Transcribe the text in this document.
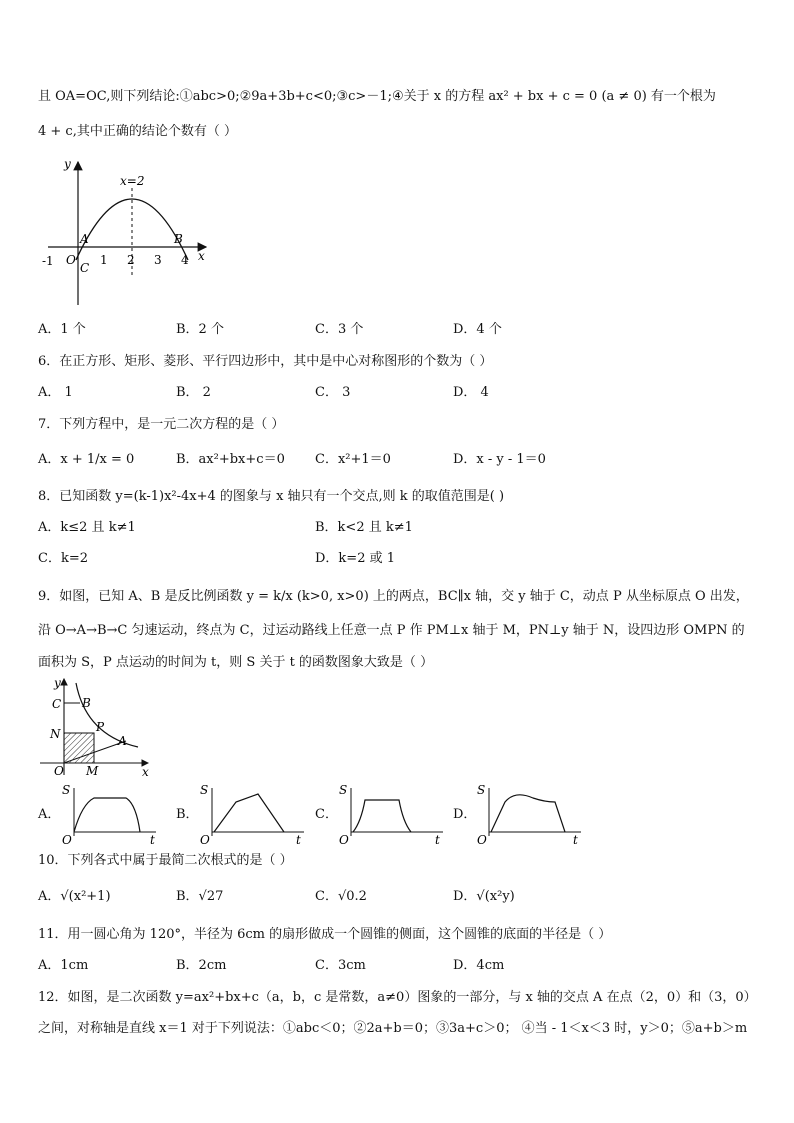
且 OA=OC,则下列结论:①abc>0;②9a+3b+c<0;③c>－1;④关于 x 的方程 ax² + bx + c = 0 (a ≠ 0) 有一个根为
4 + c,其中正确的结论个数有（ ）
y
x
x=2
-1 O 1 2 3 4
A	B
C
A．1 个	B．2 个	C．3 个	D．4 个
6．在正方形、矩形、菱形、平行四边形中，其中是中心对称图形的个数为（ ）
A． 1	B． 2	C． 3	D． 4
7．下列方程中，是一元二次方程的是（ ）
A．x + 1/x = 0	B．ax²+bx+c＝0 C．x²+1＝0	D．x - y - 1＝0
8．已知函数 y=(k-1)x²-4x+4 的图象与 x 轴只有一个交点,则 k 的取值范围是( )
A．k≤2 且 k≠1	B．k<2 且 k≠1
C．k=2	D．k=2 或 1
9．如图，已知 A、B 是反比例函数 y = k/x (k>0, x>0) 上的两点，BC∥x 轴，交 y 轴于 C，动点 P 从坐标原点 O 出发，
沿 O→A→B→C 匀速运动，终点为 C，过运动路线上任意一点 P 作 PM⊥x 轴于 M，PN⊥y 轴于 N，设四边形 OMPN 的
面积为 S，P 点运动的时间为 t，则 S 关于 t 的函数图象大致是（ ）
y
x
C B
N	P
A
O M
A．
S
t
O
B．
S
t
O
C．
S
t
O
D．
S
t
O
10．下列各式中属于最简二次根式的是（ ）
A．√(x²+1)	B．√27	C．√0.2	D．√(x²y)
11．用一圆心角为 120°，半径为 6cm 的扇形做成一个圆锥的侧面，这个圆锥的底面的半径是（ ）
A．1cm	B．2cm	C．3cm	D．4cm
12．如图，是二次函数 y=ax²+bx+c（a，b，c 是常数，a≠0）图象的一部分，与 x 轴的交点 A 在点（2，0）和（3，0）
之间，对称轴是直线 x＝1 对于下列说法：①abc＜0；②2a+b＝0；③3a+c＞0； ④当 - 1＜x＜3 时，y＞0；⑤a+b＞m
